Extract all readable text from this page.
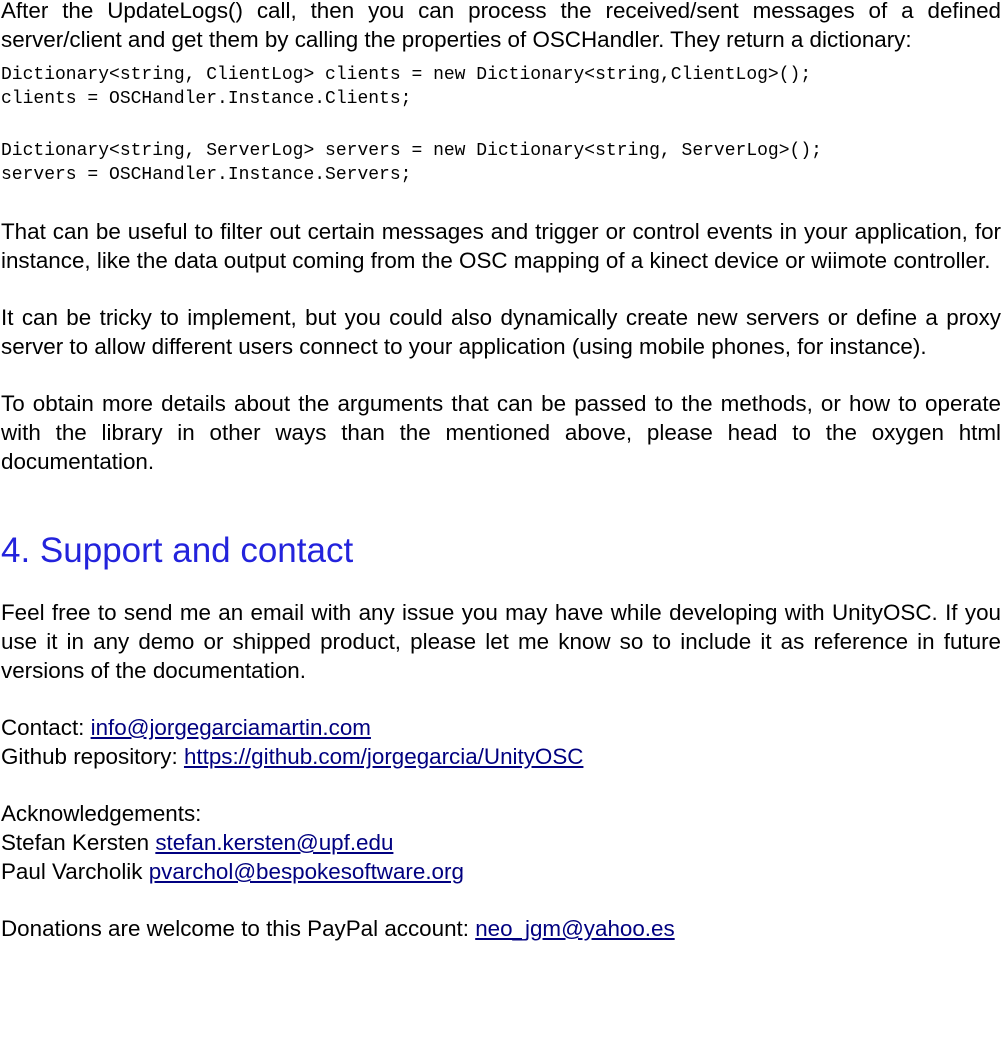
After the UpdateLogs() call, then you can process the received/sent messages of a defined server/client and get them by calling the properties of OSCHandler. They return a dictionary:

Dictionary<string, ClientLog> clients = new Dictionary<string,ClientLog>();
clients = OSCHandler.Instance.Clients;
Dictionary<string, ServerLog> servers = new Dictionary<string, ServerLog>();
servers = OSCHandler.Instance.Servers;

That can be useful to filter out certain messages and trigger or control events in your application, for instance, like the data output coming from the OSC mapping of a kinect device or wiimote controller.

It can be tricky to implement, but you could also dynamically create new servers or define a proxy server to allow different users connect to your application (using mobile phones, for instance).

To obtain more details about the arguments that can be passed to the methods, or how to operate with the library in other ways than the mentioned above, please head to the oxygen html documentation.

4. Support and contact

Feel free to send me an email with any issue you may have while developing with UnityOSC. If you use it in any demo or shipped product, please let me know so to include it as reference in future versions of the documentation.

Contact: info@jorgegarciamartin.com
Github repository: https://github.com/jorgegarcia/UnityOSC
Acknowledgements:
Stefan Kersten stefan.kersten@upf.edu
Paul Varcholik pvarchol@bespokesoftware.org
Donations are welcome to this PayPal account: neo_jgm@yahoo.es
